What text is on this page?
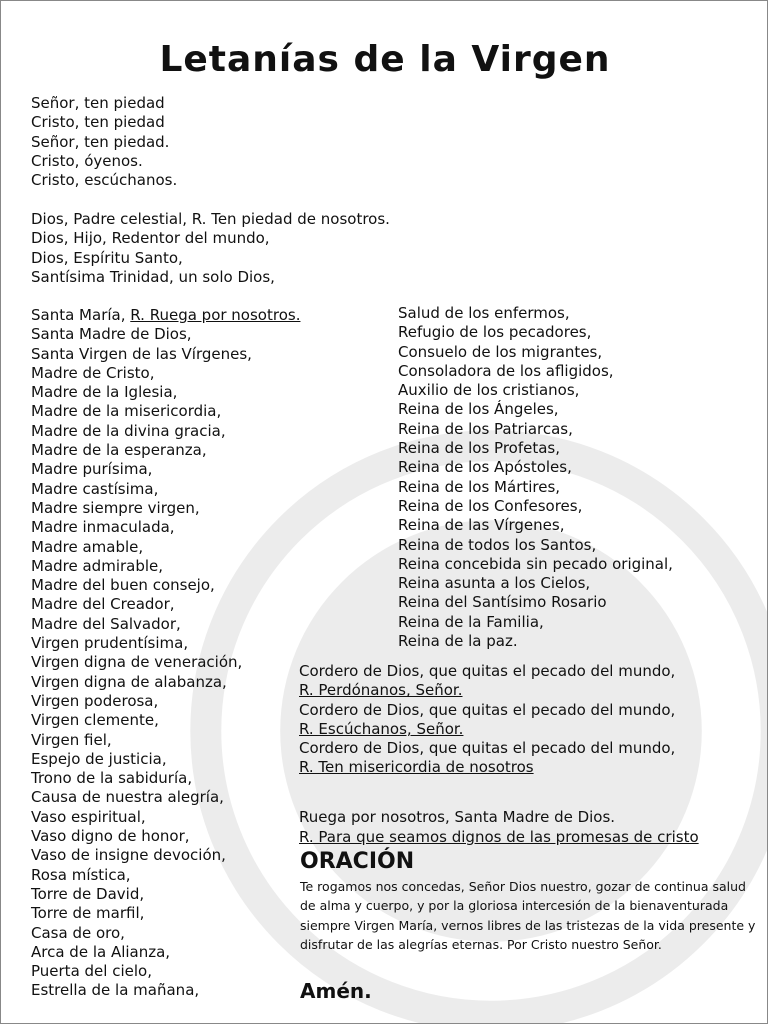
Letanías de la Virgen
Señor, ten piedad
Cristo, ten piedad
Señor, ten piedad.
Cristo, óyenos.
Cristo, escúchanos.
Dios, Padre celestial, R. Ten piedad de nosotros.
Dios, Hijo, Redentor del mundo,
Dios, Espíritu Santo,
Santísima Trinidad, un solo Dios,
Santa María, R. Ruega por nosotros.
Santa Madre de Dios,
Santa Virgen de las Vírgenes,
Madre de Cristo,
Madre de la Iglesia,
Madre de la misericordia,
Madre de la divina gracia,
Madre de la esperanza,
Madre purísima,
Madre castísima,
Madre siempre virgen,
Madre inmaculada,
Madre amable,
Madre admirable,
Madre del buen consejo,
Madre del Creador,
Madre del Salvador,
Virgen prudentísima,
Virgen digna de veneración,
Virgen digna de alabanza,
Virgen poderosa,
Virgen clemente,
Virgen fiel,
Espejo de justicia,
Trono de la sabiduría,
Causa de nuestra alegría,
Vaso espiritual,
Vaso digno de honor,
Vaso de insigne devoción,
Rosa mística,
Torre de David,
Torre de marfil,
Casa de oro,
Arca de la Alianza,
Puerta del cielo,
Estrella de la mañana,
Salud de los enfermos,
Refugio de los pecadores,
Consuelo de los migrantes,
Consoladora de los afligidos,
Auxilio de los cristianos,
Reina de los Ángeles,
Reina de los Patriarcas,
Reina de los Profetas,
Reina de los Apóstoles,
Reina de los Mártires,
Reina de los Confesores,
Reina de las Vírgenes,
Reina de todos los Santos,
Reina concebida sin pecado original,
Reina asunta a los Cielos,
Reina del Santísimo Rosario
Reina de la Familia,
Reina de la paz.
Cordero de Dios, que quitas el pecado del mundo,
R. Perdónanos, Señor.
Cordero de Dios, que quitas el pecado del mundo,
R. Escúchanos, Señor.
Cordero de Dios, que quitas el pecado del mundo,
R. Ten misericordia de nosotros
Ruega por nosotros, Santa Madre de Dios.
R. Para que seamos dignos de las promesas de cristo

ORACIÓN

Te rogamos nos concedas, Señor Dios nuestro, gozar de continua salud de alma y cuerpo, y por la gloriosa intercesión de la bienaventurada siempre Virgen María, vernos libres de las tristezas de la vida presente y disfrutar de las alegrías eternas. Por Cristo nuestro Señor.

Amén.
